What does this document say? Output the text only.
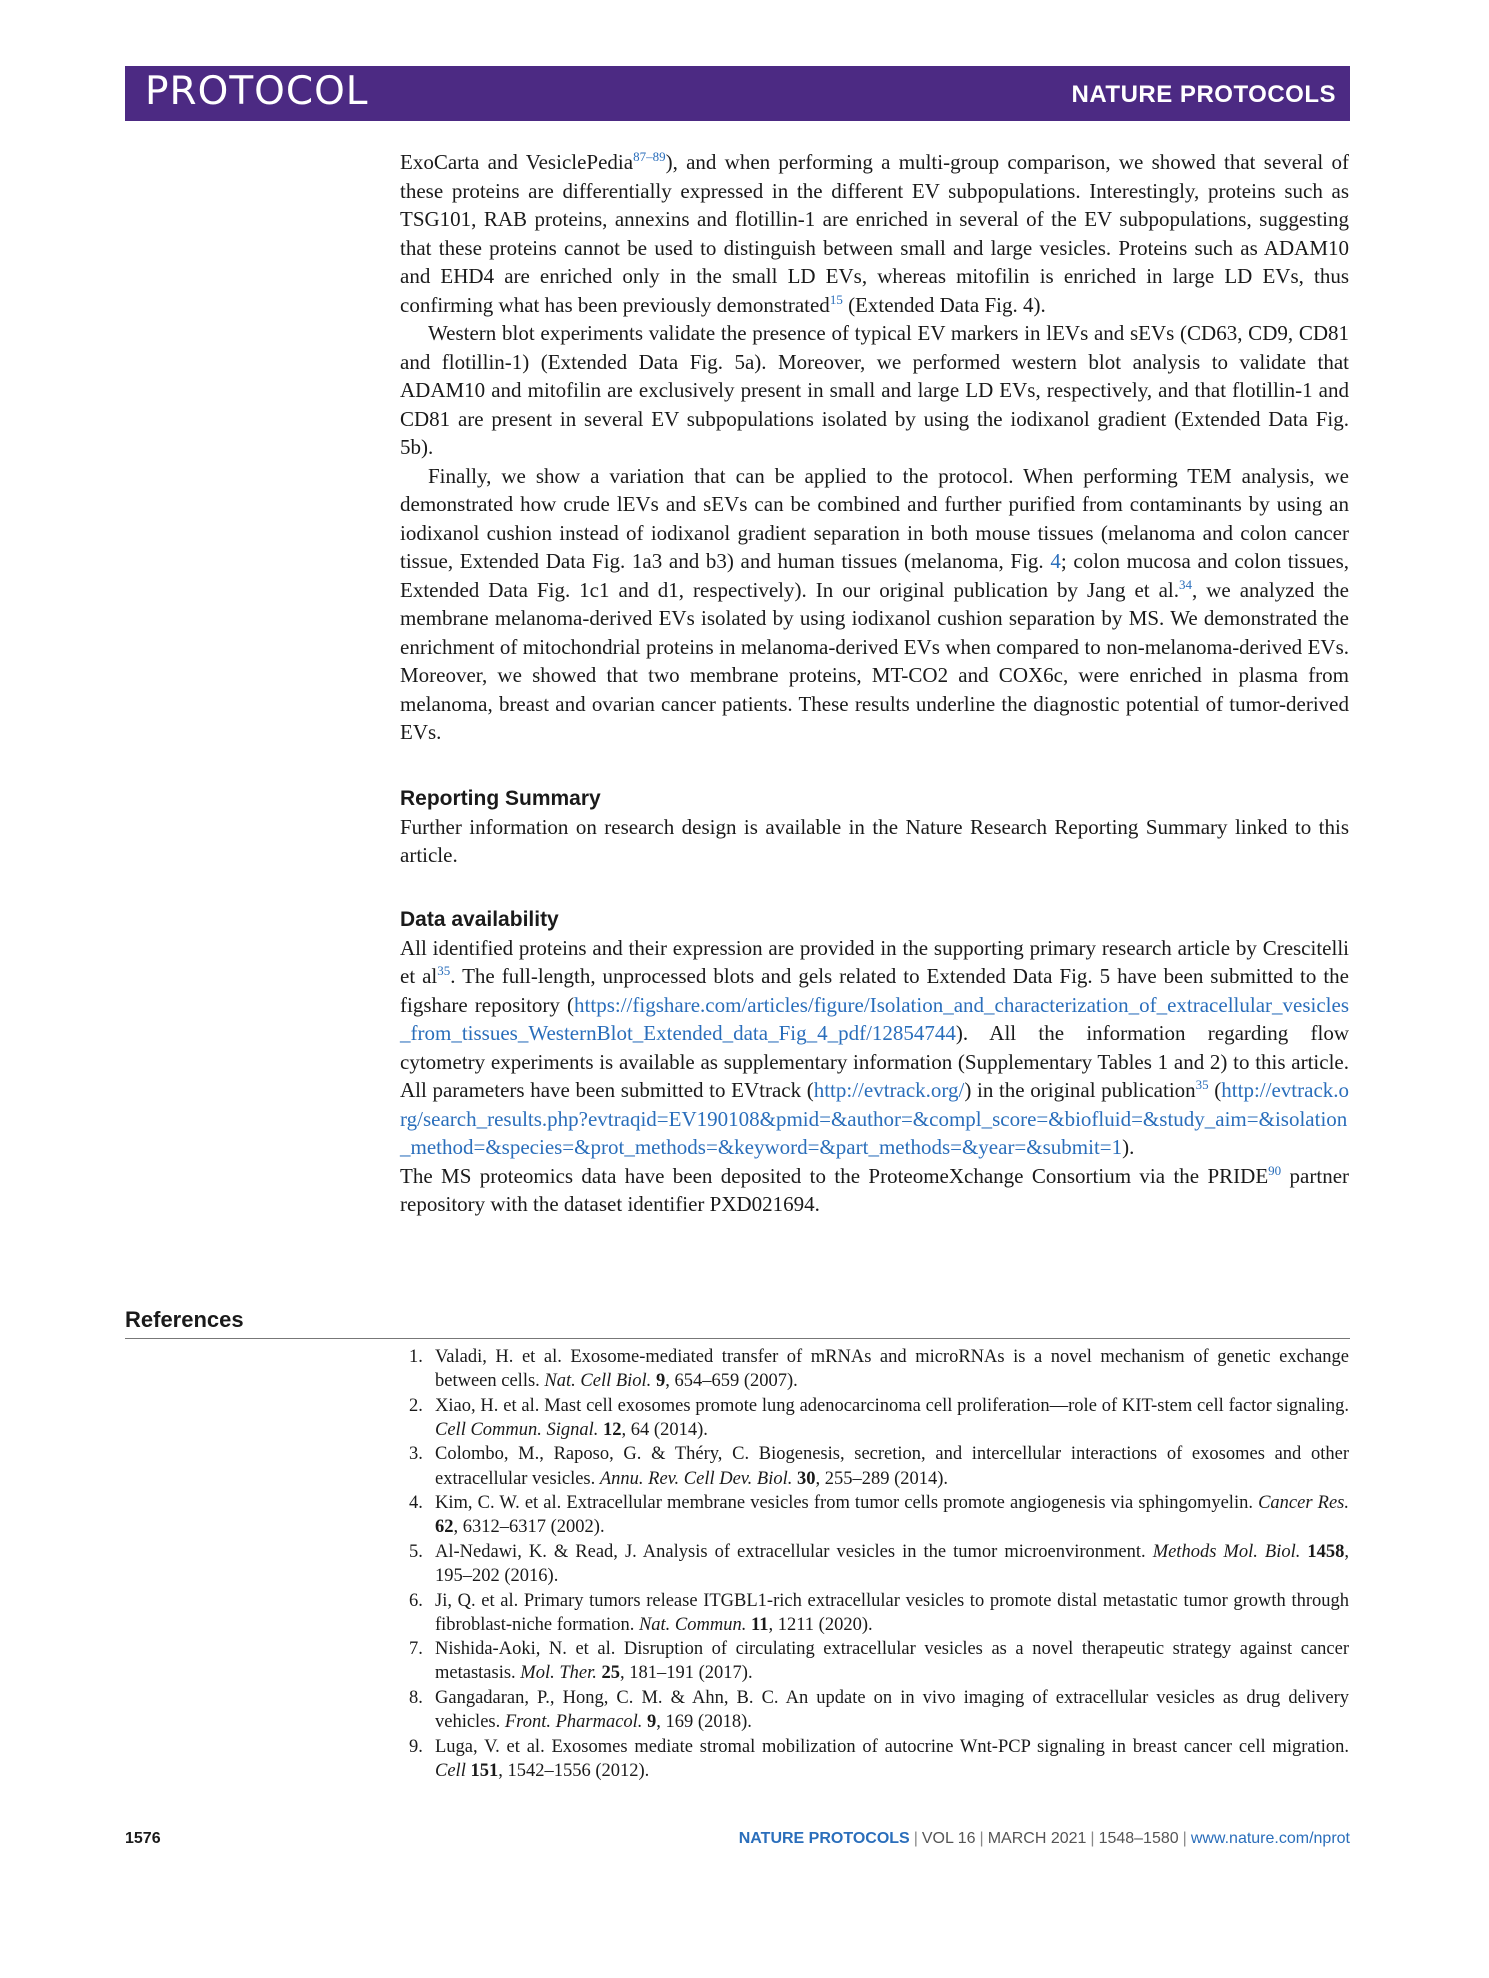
PROTOCOL	NATURE PROTOCOLS

ExoCarta and VesiclePedia$^{87-89}$), and when performing a multi-group comparison, we showed that several of these proteins are differentially expressed in the different EV subpopulations. Interestingly, proteins such as TSG101, RAB proteins, annexins and flotillin-1 are enriched in several of the EV subpopulations, suggesting that these proteins cannot be used to distinguish between small and large vesicles. Proteins such as ADAM10 and EHD4 are enriched only in the small LD EVs, whereas mitofilin is enriched in large LD EVs, thus confirming what has been previously demonstrated$^{15}$ (Extended Data Fig. 4).

Western blot experiments validate the presence of typical EV markers in lEVs and sEVs (CD63, CD9, CD81 and flotillin-1) (Extended Data Fig. 5a). Moreover, we performed western blot analysis to validate that ADAM10 and mitofilin are exclusively present in small and large LD EVs, respectively, and that flotillin-1 and CD81 are present in several EV subpopulations isolated by using the iodixanol gradient (Extended Data Fig. 5b).

Finally, we show a variation that can be applied to the protocol. When performing TEM analysis, we demonstrated how crude lEVs and sEVs can be combined and further purified from contaminants by using an iodixanol cushion instead of iodixanol gradient separation in both mouse tissues (melanoma and colon cancer tissue, Extended Data Fig. 1a3 and b3) and human tissues (melanoma, Fig. 4; colon mucosa and colon tissues, Extended Data Fig. 1c1 and d1, respectively). In our original publication by Jang et al.$^{34}$, we analyzed the membrane melanoma-derived EVs isolated by using iodixanol cushion separation by MS. We demonstrated the enrichment of mitochondrial proteins in melanoma-derived EVs when compared to non-melanoma-derived EVs. Moreover, we showed that two membrane proteins, MT-CO2 and COX6c, were enriched in plasma from melanoma, breast and ovarian cancer patients. These results underline the diagnostic potential of tumor-derived EVs.

Reporting Summary

Further information on research design is available in the Nature Research Reporting Summary linked to this article.

Data availability

All identified proteins and their expression are provided in the supporting primary research article by Crescitelli et $al^{35}$. The full-length, unprocessed blots and gels related to Extended Data Fig. 5 have been submitted to the figshare repository (https://figshare.com/articles/figure/Isolation_and_characterization_of_extracellular_vesicles_from_tissues_WesternBlot_Extended_data_Fig_4_pdf/12854744). All the information regarding flow cytometry experiments is available as supplementary information (Supplementary Tables 1 and 2) to this article. All parameters have been submitted to EVtrack (http://evtrack.org/) in the original publication$^{35}$ (http://evtrack.org/search_results.php?evtraqid=EV190108&pmid=&author=&compl_score=&biofluid=&study_aim=&isolation_method=&species=&prot_methods=&keyword=&part_methods=&year=&submit=1).

The MS proteomics data have been deposited to the ProteomeXchange Consortium via the PRIDE$^{90}$ partner repository with the dataset identifier PXD021694.

References
1. Valadi, H. et al. Exosome-mediated transfer of mRNAs and microRNAs is a novel mechanism of genetic exchange between cells. Nat. Cell Biol. 9, 654–659 (2007).
2. Xiao, H. et al. Mast cell exosomes promote lung adenocarcinoma cell proliferation—role of KIT-stem cell factor signaling. Cell Commun. Signal. 12, 64 (2014).
3. Colombo, M., Raposo, G. & Théry, C. Biogenesis, secretion, and intercellular interactions of exosomes and other extracellular vesicles. Annu. Rev. Cell Dev. Biol. 30, 255–289 (2014).
4. Kim, C. W. et al. Extracellular membrane vesicles from tumor cells promote angiogenesis via sphingomyelin. Cancer Res. 62, 6312–6317 (2002).
5. Al-Nedawi, K. & Read, J. Analysis of extracellular vesicles in the tumor microenvironment. Methods Mol. Biol. 1458, 195–202 (2016).
6. Ji, Q. et al. Primary tumors release ITGBL1-rich extracellular vesicles to promote distal metastatic tumor growth through fibroblast-niche formation. Nat. Commun. 11, 1211 (2020).
7. Nishida-Aoki, N. et al. Disruption of circulating extracellular vesicles as a novel therapeutic strategy against cancer metastasis. Mol. Ther. 25, 181–191 (2017).
8. Gangadaran, P., Hong, C. M. & Ahn, B. C. An update on in vivo imaging of extracellular vesicles as drug delivery vehicles. Front. Pharmacol. 9, 169 (2018).
9. Luga, V. et al. Exosomes mediate stromal mobilization of autocrine Wnt-PCP signaling in breast cancer cell migration. Cell 151, 1542–1556 (2012).
1576	NATURE PROTOCOLS | VOL 16 | MARCH 2021 | 1548–1580 | www.nature.com/nprot
